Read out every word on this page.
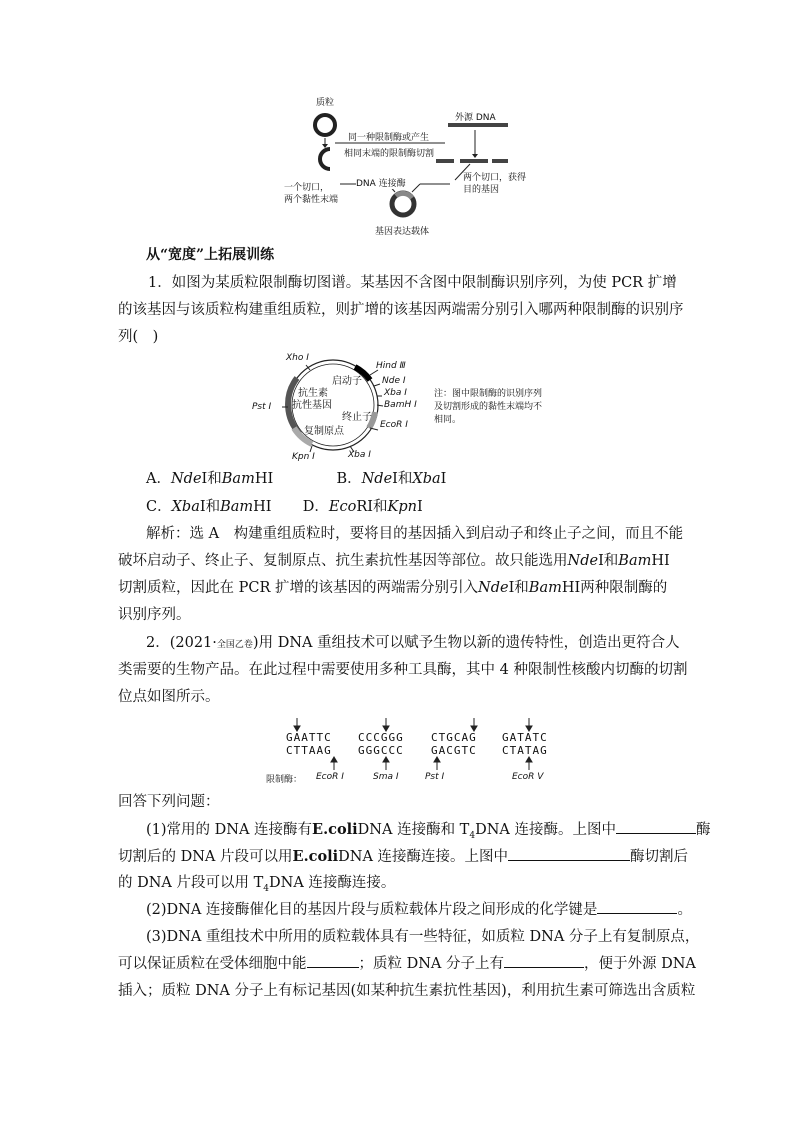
质粒
外源 DNA
同一种限制酶或产生
相同末端的限制酶切割
一个切口，
两个黏性末端
DNA 连接酶
两个切口，获得
目的基因
基因表达载体
从“宽度”上拓展训练
1．如图为某质粒限制酶切图谱。某基因不含图中限制酶识别序列，为使 PCR 扩增
的该基因与该质粒构建重组质粒，则扩增的该基因两端需分别引入哪两种限制酶的识别序
列(　)
Xho Ⅰ
Hind Ⅲ
Nde Ⅰ
Xba Ⅰ
BamH Ⅰ
EcoR Ⅰ
Xba Ⅰ
Kpn Ⅰ
Pst Ⅰ
启动子
抗生素
抗性基因
终止子
复制原点
注：图中限制酶的识别序列
及切割形成的黏性末端均不
相同。
A．NdeⅠ和BamHⅠ	B．NdeⅠ和XbaⅠ
C．XbaⅠ和BamHⅠ D．EcoRⅠ和KpnⅠ
解析：选 A　构建重组质粒时，要将目的基因插入到启动子和终止子之间，而且不能
破坏启动子、终止子、复制原点、抗生素抗性基因等部位。故只能选用NdeⅠ和BamHⅠ
切割质粒，因此在 PCR 扩增的该基因的两端需分别引入NdeⅠ和BamHⅠ两种限制酶的
识别序列。
2．(2021·全国乙卷)用 DNA 重组技术可以赋予生物以新的遗传特性，创造出更符合人
类需要的生物产品。在此过程中需要使用多种工具酶，其中 4 种限制性核酸内切酶的切割
位点如图所示。
GAATTC
CTTAAG
CCCGGG
GGGCCC
CTGCAG
GACGTC
GATATC
CTATAG
限制酶： EcoR Ⅰ	Sma Ⅰ	Pst Ⅰ	EcoR Ⅴ
回答下列问题：
(1)常用的 DNA 连接酶有E.coliDNA 连接酶和 $T_4DNA$ 连接酶。上图中	酶
切割后的 DNA 片段可以用E.coliDNA 连接酶连接。上图中	酶切割后
的 DNA 片段可以用 $T_4DNA$ 连接酶连接。
(2)DNA 连接酶催化目的基因片段与质粒载体片段之间形成的化学键是	。
(3)DNA 重组技术中所用的质粒载体具有一些特征，如质粒 DNA 分子上有复制原点，
可以保证质粒在受体细胞中能	；质粒 DNA 分子上有	，便于外源 DNA
插入；质粒 DNA 分子上有标记基因(如某种抗生素抗性基因)，利用抗生素可筛选出含质粒
